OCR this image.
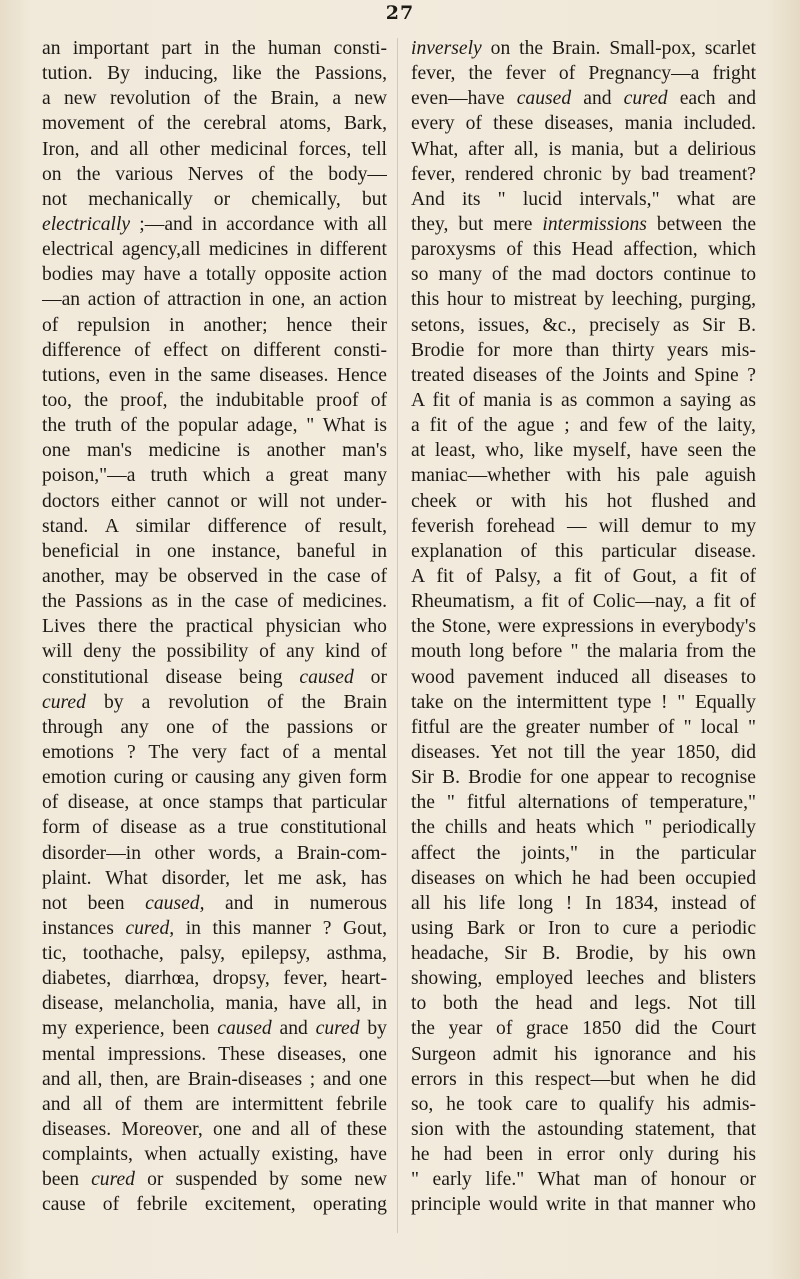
27
an important part in the human consti-
tution. By inducing, like the Passions,
a new revolution of the Brain, a new
movement of the cerebral atoms, Bark,
Iron, and all other medicinal forces, tell
on the various Nerves of the body—
not mechanically or chemically, but
electrically ;—and in accordance with all
electrical agency,all medicines in different
bodies may have a totally opposite action
—an action of attraction in one, an action
of repulsion in another; hence their
difference of effect on different consti-
tutions, even in the same diseases. Hence
too, the proof, the indubitable proof of
the truth of the popular adage, " What is
one man's medicine is another man's
poison,"—a truth which a great many
doctors either cannot or will not under-
stand. A similar difference of result,
beneficial in one instance, baneful in
another, may be observed in the case of
the Passions as in the case of medicines.
Lives there the practical physician who
will deny the possibility of any kind of
constitutional disease being caused or
cured by a revolution of the Brain
through any one of the passions or
emotions ? The very fact of a mental
emotion curing or causing any given form
of disease, at once stamps that particular
form of disease as a true constitutional
disorder—in other words, a Brain-com-
plaint. What disorder, let me ask, has
not been caused, and in numerous
instances cured, in this manner ? Gout,
tic, toothache, palsy, epilepsy, asthma,
diabetes, diarrhœa, dropsy, fever, heart-
disease, melancholia, mania, have all, in
my experience, been caused and cured by
mental impressions. These diseases, one
and all, then, are Brain-diseases ; and one
and all of them are intermittent febrile
diseases. Moreover, one and all of these
complaints, when actually existing, have
been cured or suspended by some new
cause of febrile excitement, operating
inversely on the Brain. Small-pox, scarlet
fever, the fever of Pregnancy—a fright
even—have caused and cured each and
every of these diseases, mania included.
What, after all, is mania, but a delirious
fever, rendered chronic by bad treament?
And its " lucid intervals," what are
they, but mere intermissions between the
paroxysms of this Head affection, which
so many of the mad doctors continue to
this hour to mistreat by leeching, purging,
setons, issues, &c., precisely as Sir B.
Brodie for more than thirty years mis-
treated diseases of the Joints and Spine ?
A fit of mania is as common a saying as
a fit of the ague ; and few of the laity,
at least, who, like myself, have seen the
maniac—whether with his pale aguish
cheek or with his hot flushed and
feverish forehead — will demur to my
explanation of this particular disease.
A fit of Palsy, a fit of Gout, a fit of
Rheumatism, a fit of Colic—nay, a fit of
the Stone, were expressions in everybody's
mouth long before " the malaria from the
wood pavement induced all diseases to
take on the intermittent type ! " Equally
fitful are the greater number of " local "
diseases. Yet not till the year 1850, did
Sir B. Brodie for one appear to recognise
the " fitful alternations of temperature,"
the chills and heats which " periodically
affect the joints," in the particular
diseases on which he had been occupied
all his life long ! In 1834, instead of
using Bark or Iron to cure a periodic
headache, Sir B. Brodie, by his own
showing, employed leeches and blisters
to both the head and legs. Not till
the year of grace 1850 did the Court
Surgeon admit his ignorance and his
errors in this respect—but when he did
so, he took care to qualify his admis-
sion with the astounding statement, that
he had been in error only during his
" early life." What man of honour or
principle would write in that manner who
